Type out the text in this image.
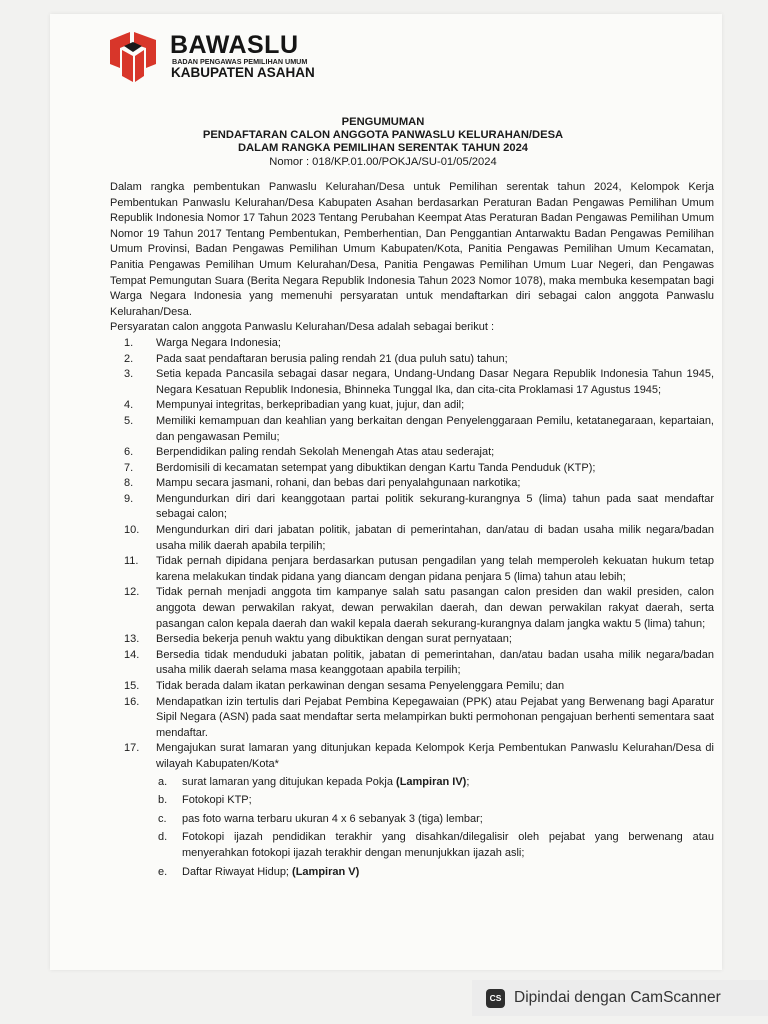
BAWASLU
BADAN PENGAWAS PEMILIHAN UMUM
KABUPATEN ASAHAN
PENGUMUMAN
PENDAFTARAN CALON ANGGOTA PANWASLU KELURAHAN/DESA
DALAM RANGKA PEMILIHAN SERENTAK TAHUN 2024
Nomor : 018/KP.01.00/POKJA/SU-01/05/2024

Dalam rangka pembentukan Panwaslu Kelurahan/Desa untuk Pemilihan serentak tahun 2024, Kelompok Kerja Pembentukan Panwaslu Kelurahan/Desa Kabupaten Asahan berdasarkan Peraturan Badan Pengawas Pemilihan Umum Republik Indonesia Nomor 17 Tahun 2023 Tentang Perubahan Keempat Atas Peraturan Badan Pengawas Pemilihan Umum Nomor 19 Tahun 2017 Tentang Pembentukan, Pemberhentian, Dan Penggantian Antarwaktu Badan Pengawas Pemilihan Umum Provinsi, Badan Pengawas Pemilihan Umum Kabupaten/Kota, Panitia Pengawas Pemilihan Umum Kecamatan, Panitia Pengawas Pemilihan Umum Kelurahan/Desa, Panitia Pengawas Pemilihan Umum Luar Negeri, dan Pengawas Tempat Pemungutan Suara (Berita Negara Republik Indonesia Tahun 2023 Nomor 1078), maka membuka kesempatan bagi Warga Negara Indonesia yang memenuhi persyaratan untuk mendaftarkan diri sebagai calon anggota Panwaslu Kelurahan/Desa.

Persyaratan calon anggota Panwaslu Kelurahan/Desa adalah sebagai berikut :

1. Warga Negara Indonesia;
2. Pada saat pendaftaran berusia paling rendah 21 (dua puluh satu) tahun;
3. Setia kepada Pancasila sebagai dasar negara, Undang-Undang Dasar Negara Republik Indonesia Tahun 1945, Negara Kesatuan Republik Indonesia, Bhinneka Tunggal Ika, dan cita-cita Proklamasi 17 Agustus 1945;
4. Mempunyai integritas, berkepribadian yang kuat, jujur, dan adil;
5. Memiliki kemampuan dan keahlian yang berkaitan dengan Penyelenggaraan Pemilu, ketatanegaraan, kepartaian, dan pengawasan Pemilu;
6. Berpendidikan paling rendah Sekolah Menengah Atas atau sederajat;
7. Berdomisili di kecamatan setempat yang dibuktikan dengan Kartu Tanda Penduduk (KTP);
8. Mampu secara jasmani, rohani, dan bebas dari penyalahgunaan narkotika;
9. Mengundurkan diri dari keanggotaan partai politik sekurang-kurangnya 5 (lima) tahun pada saat mendaftar sebagai calon;
10. Mengundurkan diri dari jabatan politik, jabatan di pemerintahan, dan/atau di badan usaha milik negara/badan usaha milik daerah apabila terpilih;
11. Tidak pernah dipidana penjara berdasarkan putusan pengadilan yang telah memperoleh kekuatan hukum tetap karena melakukan tindak pidana yang diancam dengan pidana penjara 5 (lima) tahun atau lebih;
12. Tidak pernah menjadi anggota tim kampanye salah satu pasangan calon presiden dan wakil presiden, calon anggota dewan perwakilan rakyat, dewan perwakilan daerah, dan dewan perwakilan rakyat daerah, serta pasangan calon kepala daerah dan wakil kepala daerah sekurang-kurangnya dalam jangka waktu 5 (lima) tahun;
13. Bersedia bekerja penuh waktu yang dibuktikan dengan surat pernyataan;
14. Bersedia tidak menduduki jabatan politik, jabatan di pemerintahan, dan/atau badan usaha milik negara/badan usaha milik daerah selama masa keanggotaan apabila terpilih;
15. Tidak berada dalam ikatan perkawinan dengan sesama Penyelenggara Pemilu; dan
16. Mendapatkan izin tertulis dari Pejabat Pembina Kepegawaian (PPK) atau Pejabat yang Berwenang bagi Aparatur Sipil Negara (ASN) pada saat mendaftar serta melampirkan bukti permohonan pengajuan berhenti sementara saat mendaftar.
17. Mengajukan surat lamaran yang ditunjukan kepada Kelompok Kerja Pembentukan Panwaslu Kelurahan/Desa di wilayah Kabupaten/Kota*
a. surat lamaran yang ditujukan kepada Pokja (Lampiran IV);
b. Fotokopi KTP;
c. pas foto warna terbaru ukuran 4 x 6 sebanyak 3 (tiga) lembar;
d. Fotokopi ijazah pendidikan terakhir yang disahkan/dilegalisir oleh pejabat yang berwenang atau menyerahkan fotokopi ijazah terakhir dengan menunjukkan ijazah asli;
e. Daftar Riwayat Hidup; (Lampiran V)
CS Dipindai dengan CamScanner
